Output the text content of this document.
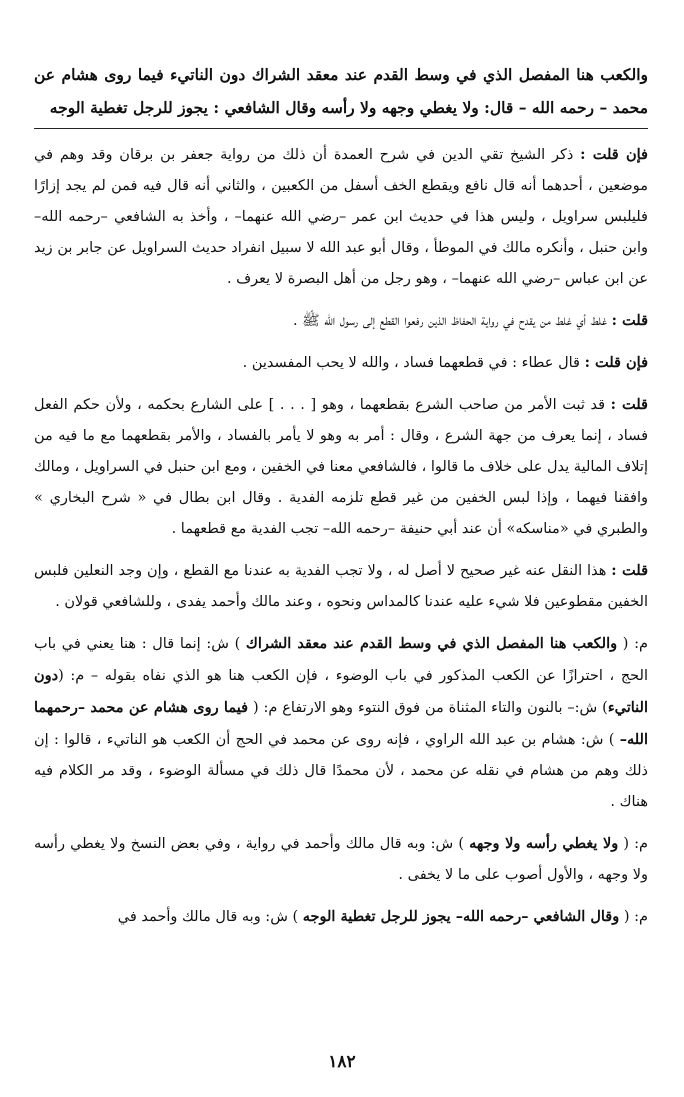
والكعب هنا المفصل الذي في وسط القدم عند معقد الشراك دون الناتيء فيما روى هشام عن محمد – رحمه الله – قال: ولا يغطي وجهه ولا رأسه وقال الشافعي : يجوز للرجل تغطية الوجه

فإن قلت : ذكر الشيخ تقي الدين في شرح العمدة أن ذلك من رواية جعفر بن برقان وقد وهم في موضعين ، أحدهما أنه قال نافع ويقطع الخف أسفل من الكعبين ، والثاني أنه قال فيه فمن لم يجد إزارًا فليلبس سراويل ، وليس هذا في حديث ابن عمر –رضي الله عنهما– ، وأخذ به الشافعي –رحمه الله– وابن حنبل ، وأنكره مالك في الموطأ ، وقال أبو عبد الله لا سبيل انفراد حديث السراويل عن جابر بن زيد عن ابن عباس –رضي الله عنهما– ، وهو رجل من أهل البصرة لا يعرف .

قلت : غلط أي غلط من يقدح في رواية الحفاظ الذين رفعوا القطع إلى رسول الله ﷺ .

فإن قلت : قال عطاء : في قطعهما فساد ، والله لا يحب المفسدين .

قلت : قد ثبت الأمر من صاحب الشرع بقطعهما ، وهو [ . . . ] على الشارع بحكمه ، ولأن حكم الفعل فساد ، إنما يعرف من جهة الشرع ، وقال : أمر به وهو لا يأمر بالفساد ، والأمر بقطعهما مع ما فيه من إتلاف المالية يدل على خلاف ما قالوا ، فالشافعي معنا في الخفين ، ومع ابن حنبل في السراويل ، ومالك وافقنا فيهما ، وإذا لبس الخفين من غير قطع تلزمه الفدية . وقال ابن بطال في « شرح البخاري » والطبري في «مناسكه» أن عند أبي حنيفة –رحمه الله– تجب الفدية مع قطعهما .

قلت : هذا النقل عنه غير صحيح لا أصل له ، ولا تجب الفدية به عندنا مع القطع ، وإن وجد النعلين فلبس الخفين مقطوعين فلا شيء عليه عندنا كالمداس ونحوه ، وعند مالك وأحمد يفدى ، وللشافعي قولان .

م: ( والكعب هنا المفصل الذي في وسط القدم عند معقد الشراك ) ش: إنما قال : هنا يعني في باب الحج ، احترازًا عن الكعب المذكور في باب الوضوء ، فإن الكعب هنا هو الذي نفاه بقوله – م: (دون الناتيء) ش:– بالنون والتاء المثناة من فوق النتوء وهو الارتفاع م: ( فيما روى هشام عن محمد –رحمهما الله– ) ش: هشام بن عبد الله الراوي ، فإنه روى عن محمد في الحج أن الكعب هو الناتيء ، قالوا : إن ذلك وهم من هشام في نقله عن محمد ، لأن محمدًا قال ذلك في مسألة الوضوء ، وقد مر الكلام فيه هناك .

م: ( ولا يغطي رأسه ولا وجهه ) ش: وبه قال مالك وأحمد في رواية ، وفي بعض النسخ ولا يغطي رأسه ولا وجهه ، والأول أصوب على ما لا يخفى .

م: ( وقال الشافعي –رحمه الله– يجوز للرجل تغطية الوجه ) ش: وبه قال مالك وأحمد في

١٨٢
